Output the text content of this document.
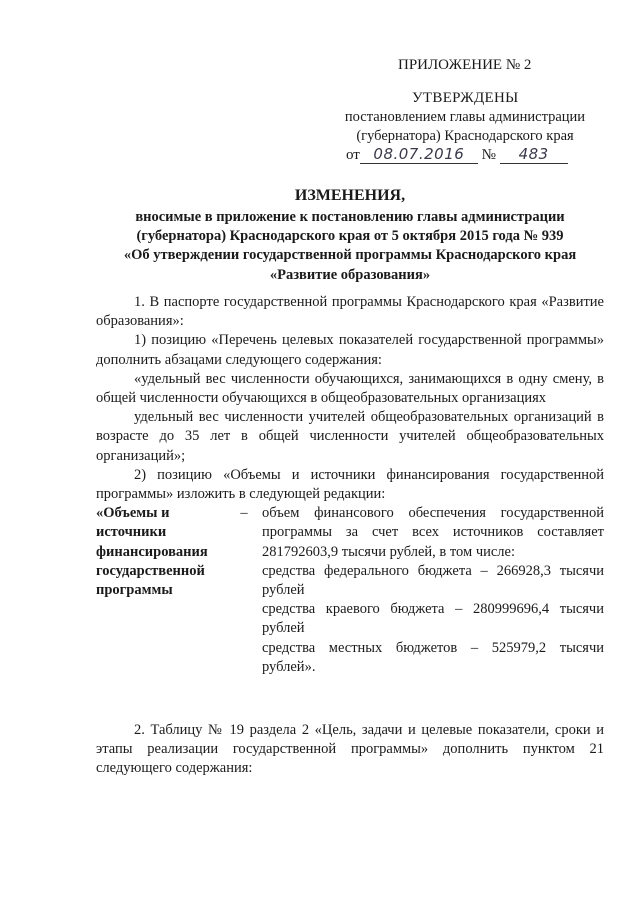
ПРИЛОЖЕНИЕ № 2
УТВЕРЖДЕНЫ
постановлением главы администрации
(губернатора) Краснодарского края
от 08.07.2016 № 483
ИЗМЕНЕНИЯ,
вносимые в приложение к постановлению главы администрации
(губернатора) Краснодарского края от 5 октября 2015 года № 939
«Об утверждении государственной программы Краснодарского края
«Развитие образования»

1. В паспорте государственной программы Краснодарского края «Развитие образования»:

1) позицию «Перечень целевых показателей государственной программы» дополнить абзацами следующего содержания:

«удельный вес численности обучающихся, занимающихся в одну смену, в общей численности обучающихся в общеобразовательных организациях

удельный вес численности учителей общеобразовательных организаций в возрасте до 35 лет в общей численности учителей общеобразовательных организаций»;

2) позицию «Объемы и источники финансирования государственной программы» изложить в следующей редакции:

«Объемы и
источники
финансирования
государственной
программы
– объем финансового обеспечения государственной программы за счет всех источников составляет 281792603,9 тысячи рублей, в том числе:
средства федерального бюджета – 266928,3 тысячи рублей
средства краевого бюджета – 280999696,4 тысячи рублей
средства местных бюджетов – 525979,2 тысячи рублей».

2. Таблицу № 19 раздела 2 «Цель, задачи и целевые показатели, сроки и этапы реализации государственной программы» дополнить пунктом 21 следующего содержания:
